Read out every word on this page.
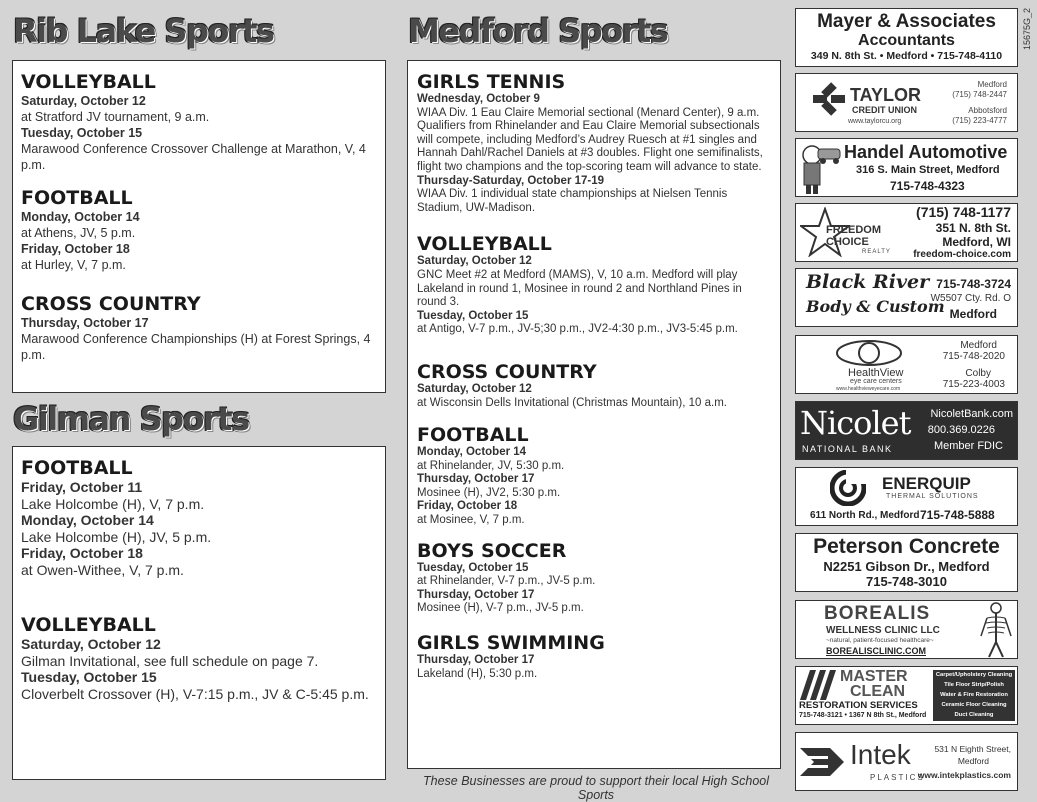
Rib Lake Sports
VOLLEYBALL
Saturday, October 12
at Stratford JV tournament, 9 a.m.
Tuesday, October 15
Marawood Conference Crossover Challenge at Marathon, V, 4 p.m.
FOOTBALL
Monday, October 14
at Athens, JV, 5 p.m.
Friday, October 18
at Hurley, V, 7 p.m.
CROSS COUNTRY
Thursday, October 17
Marawood Conference Championships (H) at Forest Springs, 4 p.m.
Gilman Sports
FOOTBALL
Friday, October 11
Lake Holcombe (H), V, 7 p.m.
Monday, October 14
Lake Holcombe (H), JV, 5 p.m.
Friday, October 18
at Owen-Withee, V, 7 p.m.
VOLLEYBALL
Saturday, October 12
Gilman Invitational, see full schedule on page 7.
Tuesday, October 15
Cloverbelt Crossover (H), V-7:15 p.m., JV & C-5:45 p.m.
Medford Sports
GIRLS TENNIS
Wednesday, October 9
WIAA Div. 1 Eau Claire Memorial sectional (Menard Center), 9 a.m. Qualifiers from Rhinelander and Eau Claire Memorial subsectionals will compete, including Medford’s Audrey Ruesch at #1 singles and Hannah Dahl/Rachel Daniels at #3 doubles. Flight one semifinalists, flight two champions and the top-scoring team will advance to state.
Thursday-Saturday, October 17-19
WIAA Div. 1 individual state championships at Nielsen Tennis Stadium, UW-Madison.
VOLLEYBALL
Saturday, October 12
GNC Meet #2 at Medford (MAMS), V, 10 a.m. Medford will play Lakeland in round 1, Mosinee in round 2 and Northland Pines in round 3.
Tuesday, October 15
at Antigo, V-7 p.m., JV-5;30 p.m., JV2-4:30 p.m., JV3-5:45 p.m.
CROSS COUNTRY
Saturday, October 12
at Wisconsin Dells Invitational (Christmas Mountain), 10 a.m.
FOOTBALL
Monday, October 14
at Rhinelander, JV, 5:30 p.m.
Thursday, October 17
Mosinee (H), JV2, 5:30 p.m.
Friday, October 18
at Mosinee, V, 7 p.m.
BOYS SOCCER
Tuesday, October 15
at Rhinelander, V-7 p.m., JV-5 p.m.
Thursday, October 17
Mosinee (H), V-7 p.m., JV-5 p.m.
GIRLS SWIMMING
Thursday, October 17
Lakeland (H), 5:30 p.m.
These Businesses are proud to support their local High School Sports
15675G_2
Mayer & Associates
Accountants
349 N. 8th St. • Medford • 715-748-4110
TAYLOR
CREDIT UNION
www.taylorcu.org
Medford
(715) 748-2447
Abbotsford
(715) 223-4777
Handel Automotive
316 S. Main Street, Medford
715-748-4323
FREEDOM
CHOICE
REALTY
(715) 748-1177
351 N. 8th St.
Medford, WI
freedom-choice.com
Black River
Body & Custom
715-748-3724
W5507 Cty. Rd. O
Medford
HealthView
eye care centers
www.healthvieweyecare.com
Medford
715-748-2020
Colby
715-223-4003
Nicolet
NATIONAL BANK
NicoletBank.com
800.369.0226
Member FDIC
ENERQUIP
THERMAL SOLUTIONS
611 North Rd., Medford 715-748-5888
Peterson Concrete
N2251 Gibson Dr., Medford
715-748-3010
BOREALIS
WELLNESS CLINIC LLC
~natural, patient-focused healthcare~
BOREALISCLINIC.COM
MASTER
CLEAN
RESTORATION SERVICES
715-748-3121 • 1367 N 8th St., Medford
Carpet/Upholstery Cleaning
Tile Floor Strip/Polish
Water & Fire Restoration
Ceramic Floor Cleaning
Duct Cleaning
Intek
PLASTICS
531 N Eighth Street,
Medford
www.intekplastics.com
